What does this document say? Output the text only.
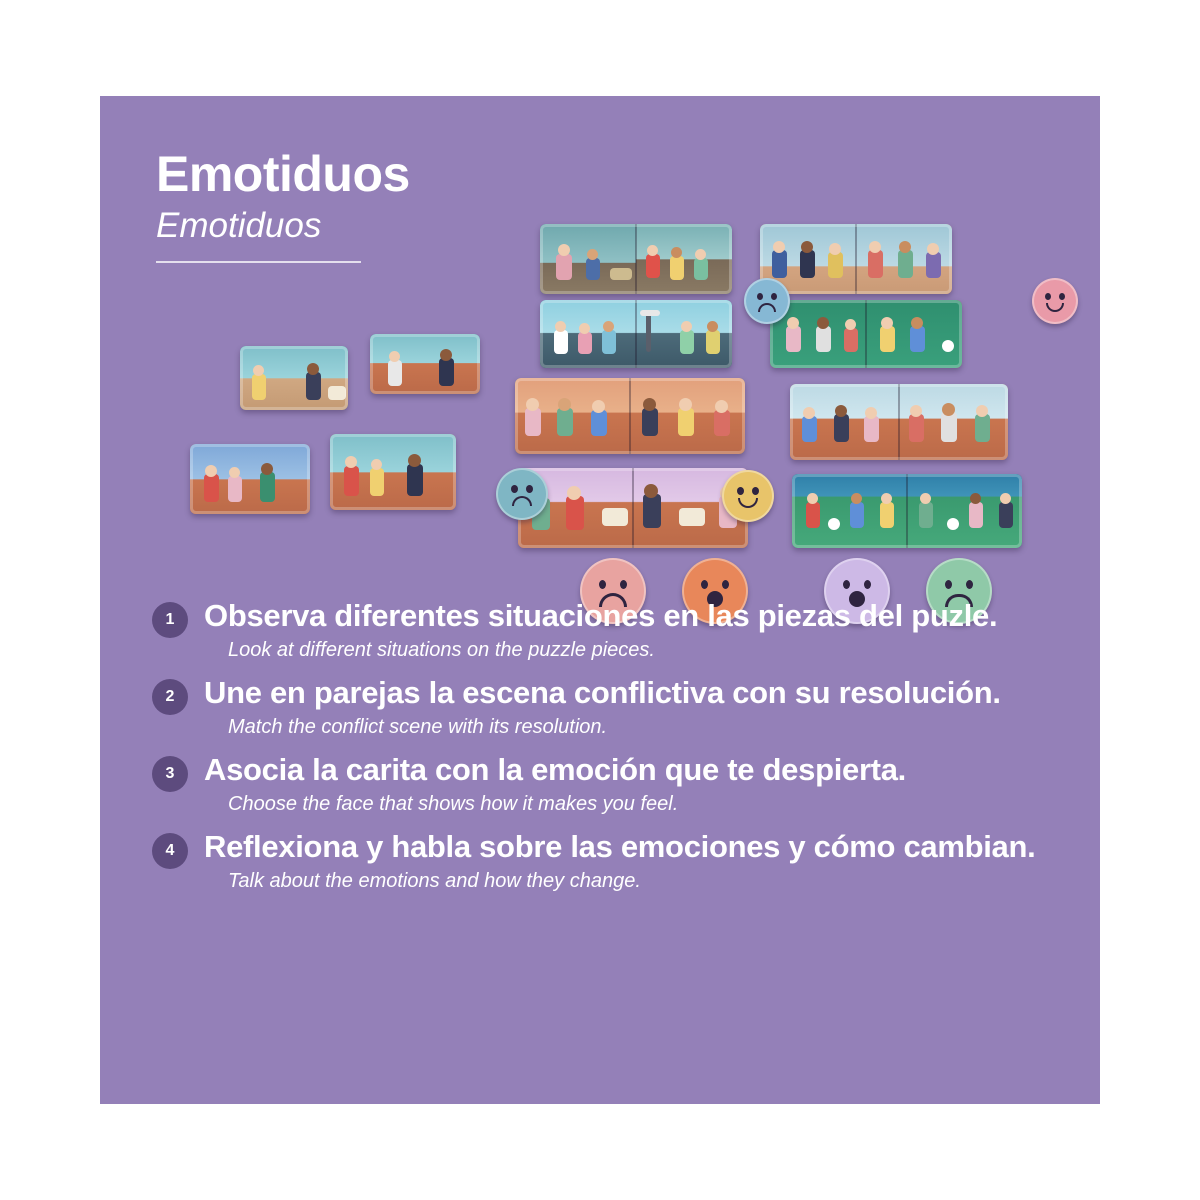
Emotiduos
Emotiduos
1 Observa diferentes situaciones en las piezas del puzle.

Look at different situations on the puzzle pieces.

2 Une en parejas la escena conflictiva con su resolución.

Match the conflict scene with its resolution.

3 Asocia la carita con la emoción que te despierta.

Choose the face that shows how it makes you feel.

4 Reflexiona y habla sobre las emociones y cómo cambian.

Talk about the emotions and how they change.
